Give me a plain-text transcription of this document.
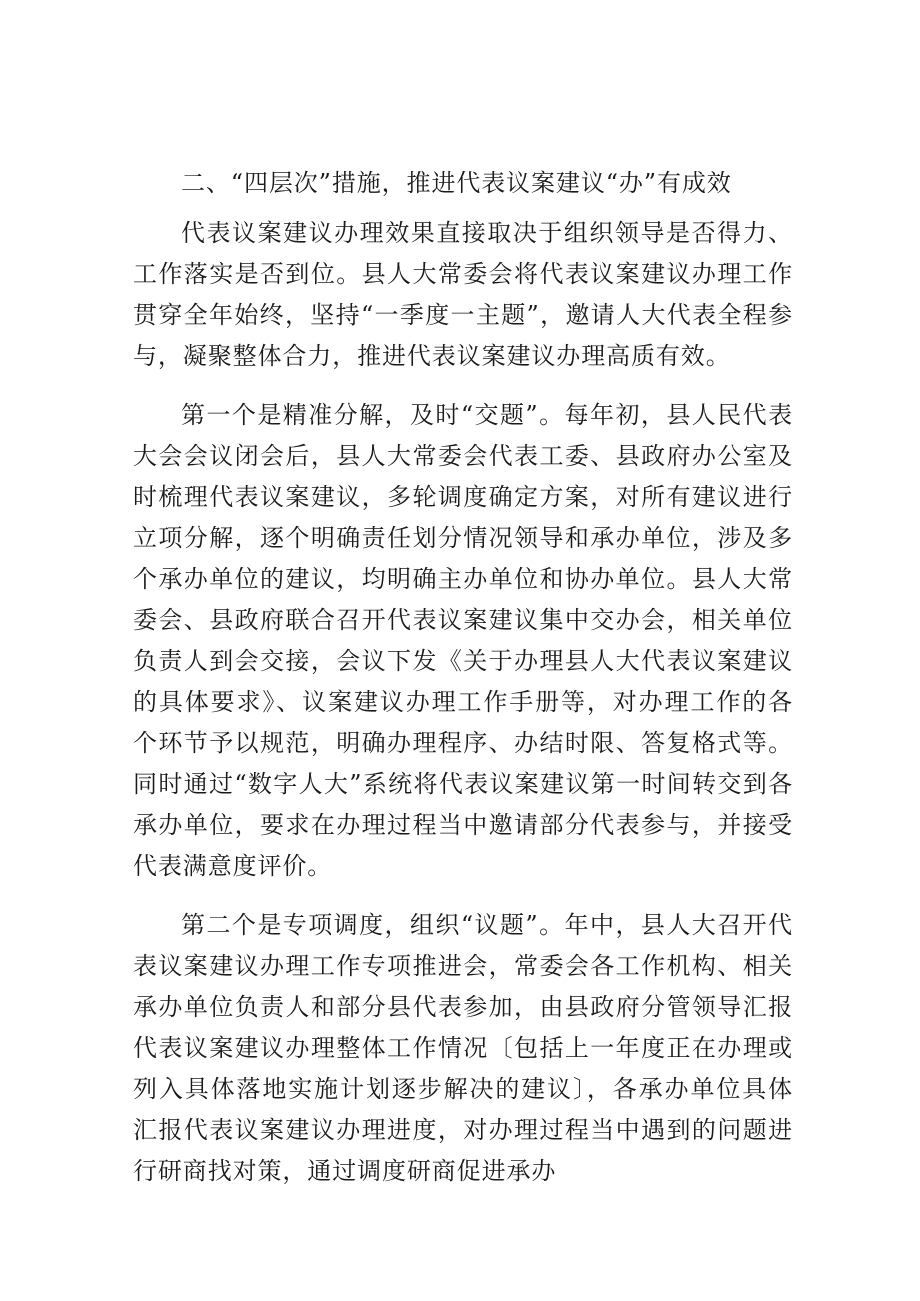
二、“四层次”措施，推进代表议案建议“办”有成效

代表议案建议办理效果直接取决于组织领导是否得力、工作落实是否到位。县人大常委会将代表议案建议办理工作贯穿全年始终，坚持“一季度一主题”，邀请人大代表全程参与，凝聚整体合力，推进代表议案建议办理高质有效。

第一个是精准分解，及时“交题”。每年初，县人民代表大会会议闭会后，县人大常委会代表工委、县政府办公室及时梳理代表议案建议，多轮调度确定方案，对所有建议进行立项分解，逐个明确责任划分情况领导和承办单位，涉及多个承办单位的建议，均明确主办单位和协办单位。县人大常委会、县政府联合召开代表议案建议集中交办会，相关单位负责人到会交接，会议下发《关于办理县人大代表议案建议的具体要求》、议案建议办理工作手册等，对办理工作的各个环节予以规范，明确办理程序、办结时限、答复格式等。同时通过“数字人大”系统将代表议案建议第一时间转交到各承办单位，要求在办理过程当中邀请部分代表参与，并接受代表满意度评价。

第二个是专项调度，组织“议题”。年中，县人大召开代表议案建议办理工作专项推进会，常委会各工作机构、相关承办单位负责人和部分县代表参加，由县政府分管领导汇报代表议案建议办理整体工作情况〔包括上一年度正在办理或列入具体落地实施计划逐步解决的建议〕，各承办单位具体汇报代表议案建议办理进度，对办理过程当中遇到的问题进行研商找对策，通过调度研商促进承办
